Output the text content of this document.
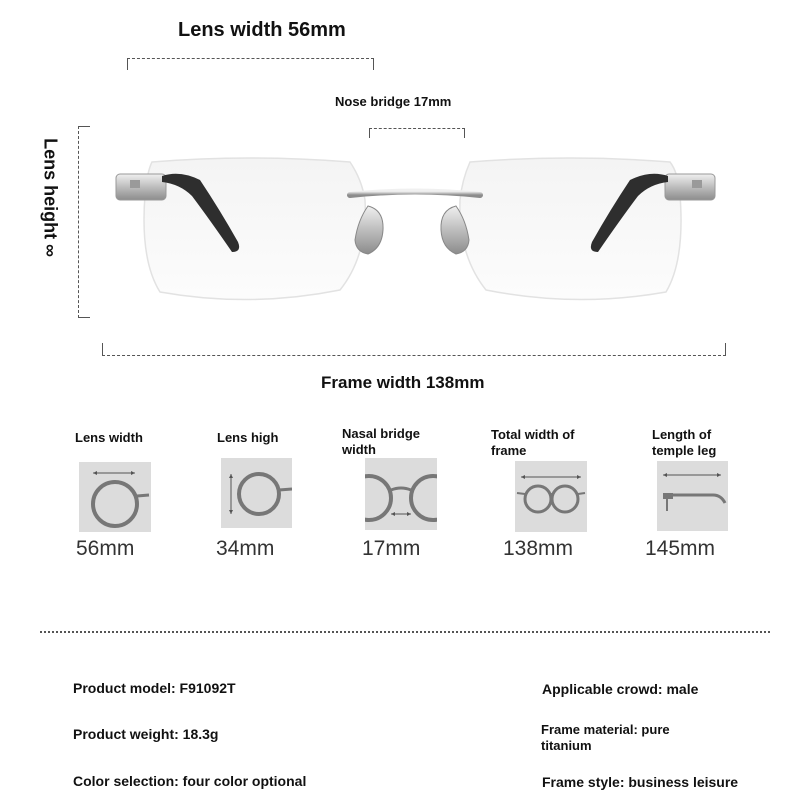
Lens width 56mm
Nose bridge 17mm
Lens height ∞
Frame width 138mm
Lens width
56mm
Lens high
34mm
Nasal bridge width
17mm
Total width of frame
138mm
Length of temple leg
145mm
Product model: F91092T
Product weight: 18.3g
Color selection: four color optional
Applicable crowd: male
Frame material: pure titanium
Frame style: business leisure
